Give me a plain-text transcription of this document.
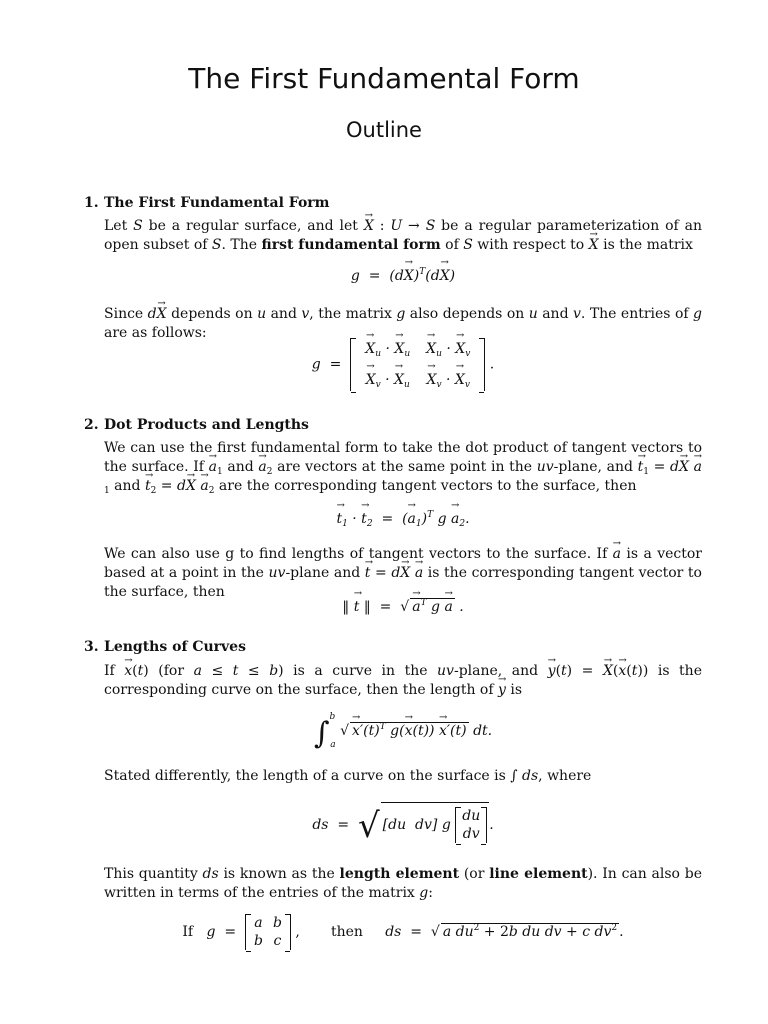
The First Fundamental Form
Outline
1. The First Fundamental Form
Let S be a regular surface, and let → X : U → S be a regular parameterization of an open subset of S. The first fundamental form of S with respect to → X is the matrix
$g = (d\to X)^T(d\to X)$
Since d→ X depends on u and v, the matrix g also depends on u and v. The entries of g are as follows:
g  =
→ $X_u$ · → $X_u$	→ $X_u$ · → $X_v$
→ $X_v$ · → $X_u$	→ $X_v$ · → $X_v$
.
2. Dot Products and Lengths
We can use the first fundamental form to take the dot product of tangent vectors to the surface. $If \to a_1$ and → $a_2$ are vectors at the same point in the uv-plane, and → $t_1 = d\to X \to a_1$ and → $t_2 = d\to X \to a_2$ are the corresponding tangent vectors to the surface, then
→ $t_1$ · → $t_2$  =  (→ $a_1)^T$ $g \to a_2$.
We can also use g to find lengths of tangent vectors to the surface. If → a is a vector based at a point in the uv-plane and → t = d→ X → a is the corresponding tangent vector to the surface, then
‖ → t ‖  =  √ → $a^T$ g → a .
3. Lengths of Curves
If → x(t) (for a ≤ t ≤ b) is a curve in the uv-plane, and → y(t) = → X(→ x(t)) is the corresponding curve on the surface, then the length of → y is
∫$^b_a$ √ → $x'(t)^T$ g(→ x(t)) → x′(t) dt.
Stated differently, the length of a curve on the surface is ∫ ds, where
ds  =  √ [du dv] g
du
dv
.
This quantity ds is known as the length element (or line element). In can also be written in terms of the entries of the matrix g:
If g  =
a	b
b	c
,       then ds  =  √ a $du^2 + 2b$ du dv + c $dv^2$ .
